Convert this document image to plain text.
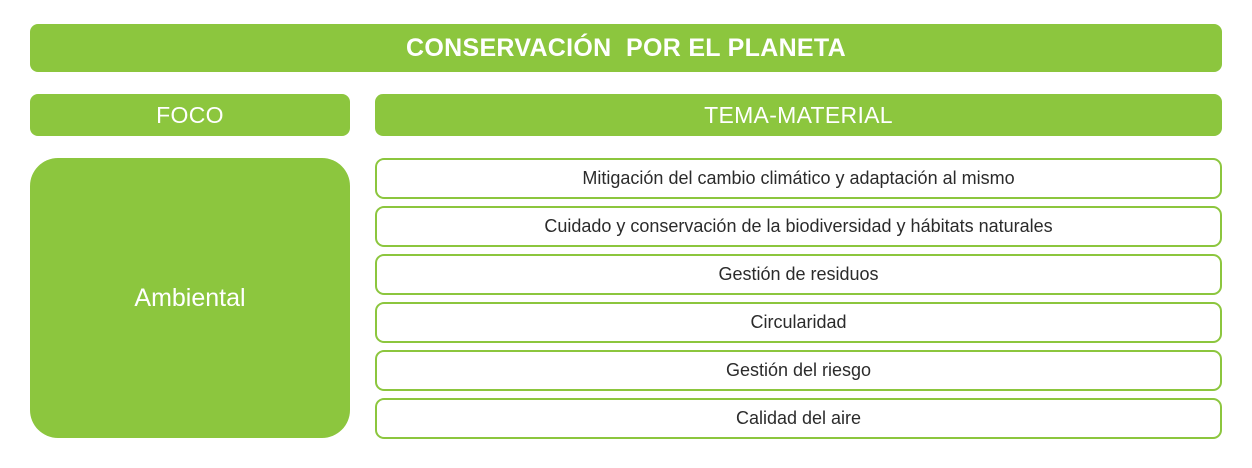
CONSERVACIÓN  POR EL PLANETA
FOCO	TEMA-MATERIAL
Ambiental
Mitigación del cambio climático y adaptación al mismo
Cuidado y conservación de la biodiversidad y hábitats naturales
Gestión de residuos
Circularidad
Gestión del riesgo
Calidad del aire
